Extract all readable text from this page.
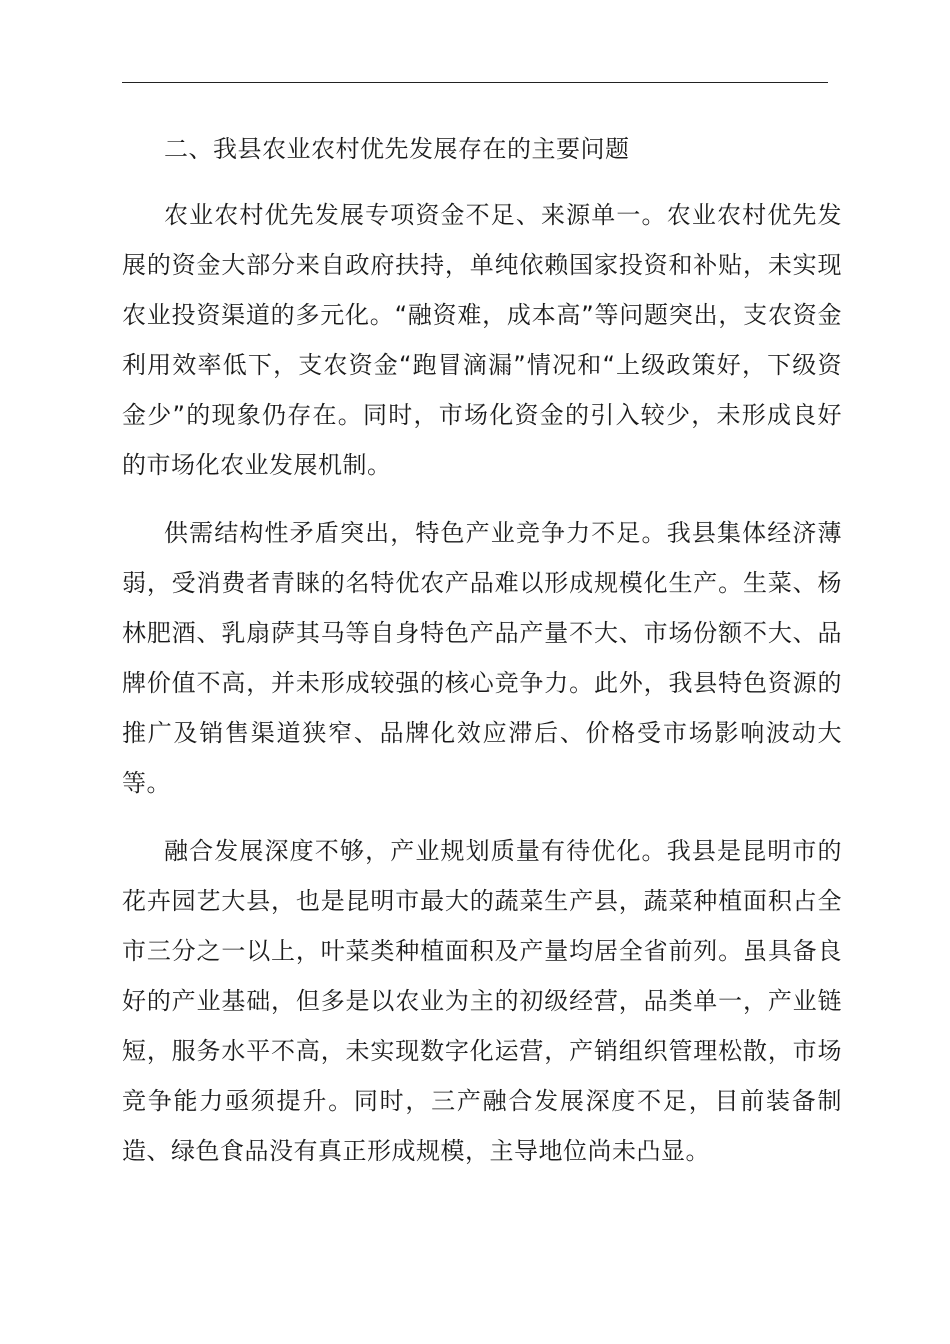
二、我县农业农村优先发展存在的主要问题

农业农村优先发展专项资金不足、来源单一。农业农村优先发展的资金大部分来自政府扶持，单纯依赖国家投资和补贴，未实现农业投资渠道的多元化。“融资难，成本高”等问题突出，支农资金利用效率低下，支农资金“跑冒滴漏”情况和“上级政策好，下级资金少”的现象仍存在。同时，市场化资金的引入较少，未形成良好的市场化农业发展机制。

供需结构性矛盾突出，特色产业竞争力不足。我县集体经济薄弱，受消费者青睐的名特优农产品难以形成规模化生产。生菜、杨林肥酒、乳扇萨其马等自身特色产品产量不大、市场份额不大、品牌价值不高，并未形成较强的核心竞争力。此外，我县特色资源的推广及销售渠道狭窄、品牌化效应滞后、价格受市场影响波动大等。

融合发展深度不够，产业规划质量有待优化。我县是昆明市的花卉园艺大县，也是昆明市最大的蔬菜生产县，蔬菜种植面积占全市三分之一以上，叶菜类种植面积及产量均居全省前列。虽具备良好的产业基础，但多是以农业为主的初级经营，品类单一，产业链短，服务水平不高，未实现数字化运营，产销组织管理松散，市场竞争能力亟须提升。同时，三产融合发展深度不足，目前装备制造、绿色食品没有真正形成规模，主导地位尚未凸显。
